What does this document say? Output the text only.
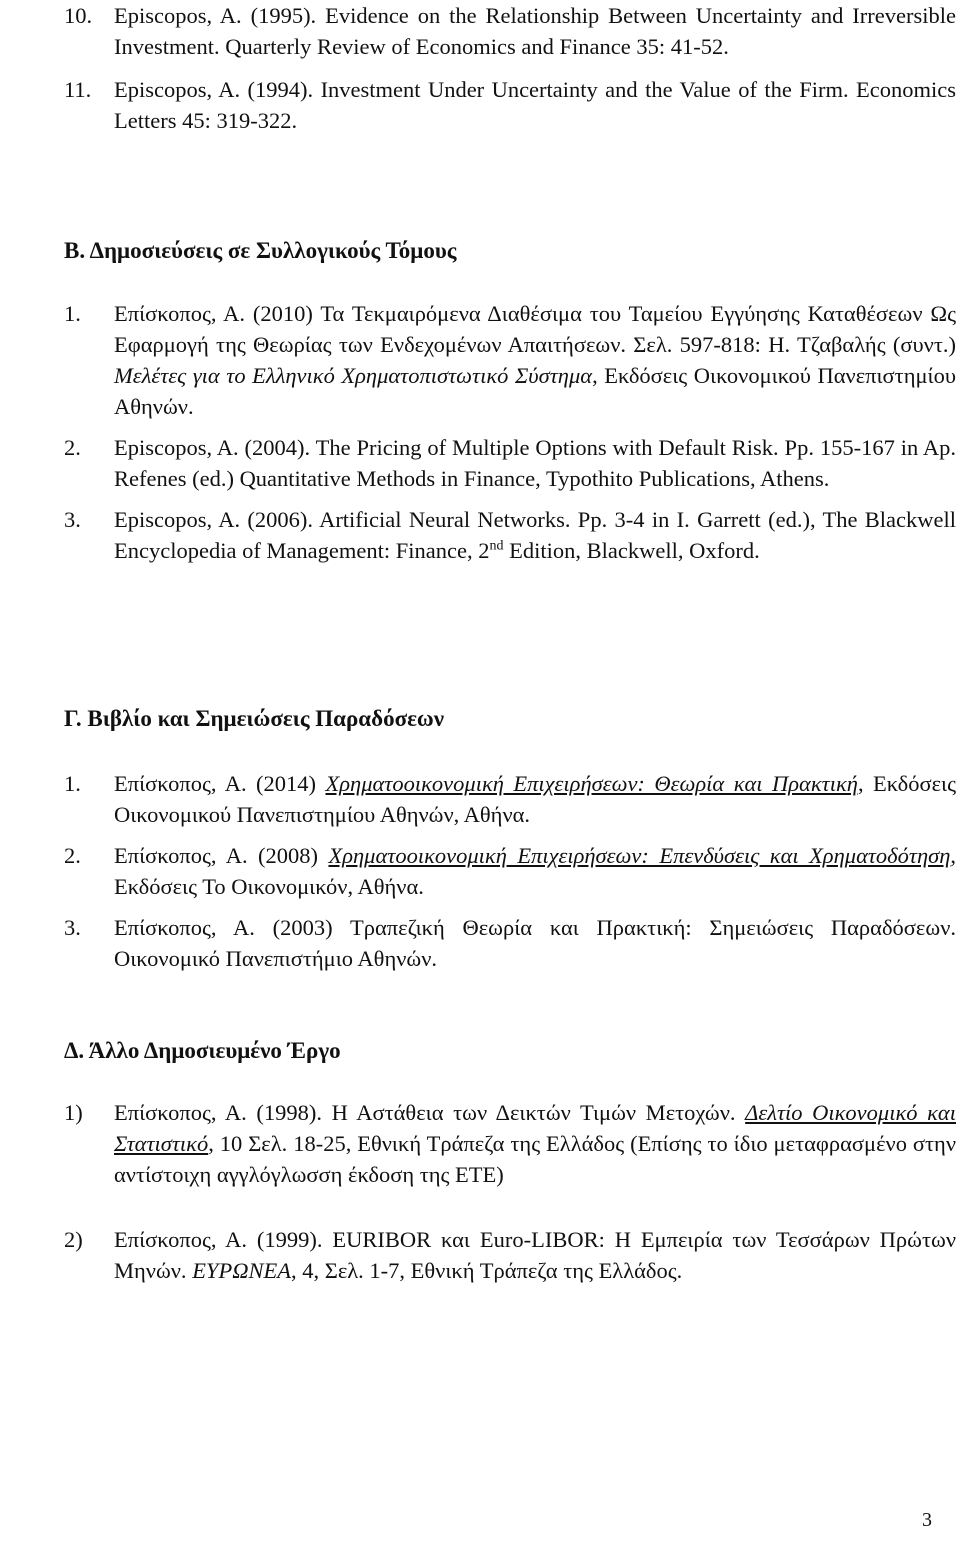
10. Episcopos, A. (1995). Evidence on the Relationship Between Uncertainty and Irreversible Investment. Quarterly Review of Economics and Finance 35: 41-52.
11. Episcopos, A. (1994). Investment Under Uncertainty and the Value of the Firm. Economics Letters 45: 319-322.
Β. Δημοσιεύσεις σε Συλλογικούς Τόμους
1. Επίσκοπος, Α. (2010) Τα Τεκμαιρόμενα Διαθέσιμα του Ταμείου Εγγύησης Καταθέσεων Ως Εφαρμογή της Θεωρίας των Ενδεχομένων Απαιτήσεων. Σελ. 597-818: Η. Τζαβαλής (συντ.) Μελέτες για το Ελληνικό Χρηματοπιστωτικό Σύστημα, Εκδόσεις Οικονομικού Πανεπιστημίου Αθηνών.
2. Episcopos, A. (2004). The Pricing of Multiple Options with Default Risk. Pp. 155-167 in Ap. Refenes (ed.) Quantitative Methods in Finance, Typothito Publications, Athens.
3. Episcopos, A. (2006). Artificial Neural Networks. Pp. 3-4 in I. Garrett (ed.), The Blackwell Encyclopedia of Management: Finance, 2nd Edition, Blackwell, Oxford.
Γ. Βιβλίο και Σημειώσεις Παραδόσεων
1. Επίσκοπος, Α. (2014) Χρηματοοικονομική Επιχειρήσεων: Θεωρία και Πρακτική, Εκδόσεις Οικονομικού Πανεπιστημίου Αθηνών, Αθήνα.
2. Επίσκοπος, Α. (2008) Χρηματοοικονομική Επιχειρήσεων: Επενδύσεις και Χρηματοδότηση, Εκδόσεις Το Οικονομικόν, Αθήνα.
3. Επίσκοπος, Α. (2003) Τραπεζική Θεωρία και Πρακτική: Σημειώσεις Παραδόσεων. Οικονομικό Πανεπιστήμιο Αθηνών.
Δ. Άλλο Δημοσιευμένο Έργο
1) Επίσκοπος, Α. (1998). Η Αστάθεια των Δεικτών Τιμών Μετοχών. Δελτίο Οικονομικό και Στατιστικό, 10 Σελ. 18-25, Εθνική Τράπεζα της Ελλάδος (Επίσης το ίδιο μεταφρασμένο στην αντίστοιχη αγγλόγλωσση έκδοση της ΕΤΕ)
2) Επίσκοπος, Α. (1999). EURIBOR και Euro-LIBOR: Η Εμπειρία των Τεσσάρων Πρώτων Μηνών. ΕΥΡΩΝΕΑ, 4, Σελ. 1-7, Εθνική Τράπεζα της Ελλάδος.
3
